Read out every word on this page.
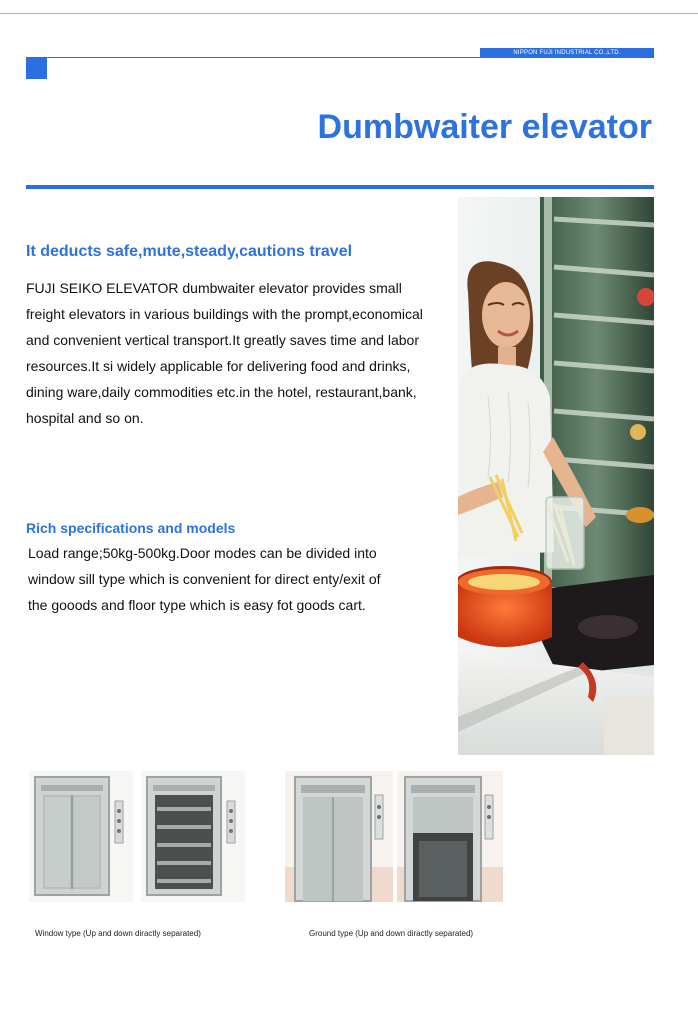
NIPPON FUJI INDUSTRIAL CO.,LTD.
Dumbwaiter elevator
It deducts safe,mute,steady,cautions travel
FUJI SEIKO ELEVATOR dumbwaiter elevator provides small
freight elevators in various buildings with the prompt,economical
and convenient vertical transport.It greatly saves time and labor
resources.It si widely applicable for delivering food and drinks,
dining ware,daily commodities etc.in the hotel, restaurant,bank,
hospital and so on.
Rich specifications and models
Load range;50kg-500kg.Door modes can be divided into
window sill type which is convenient for direct enty/exit of
the gooods and floor type which is easy fot goods cart.
Window type (Up and down diractly separated)	Ground type (Up and down diractly separated)
